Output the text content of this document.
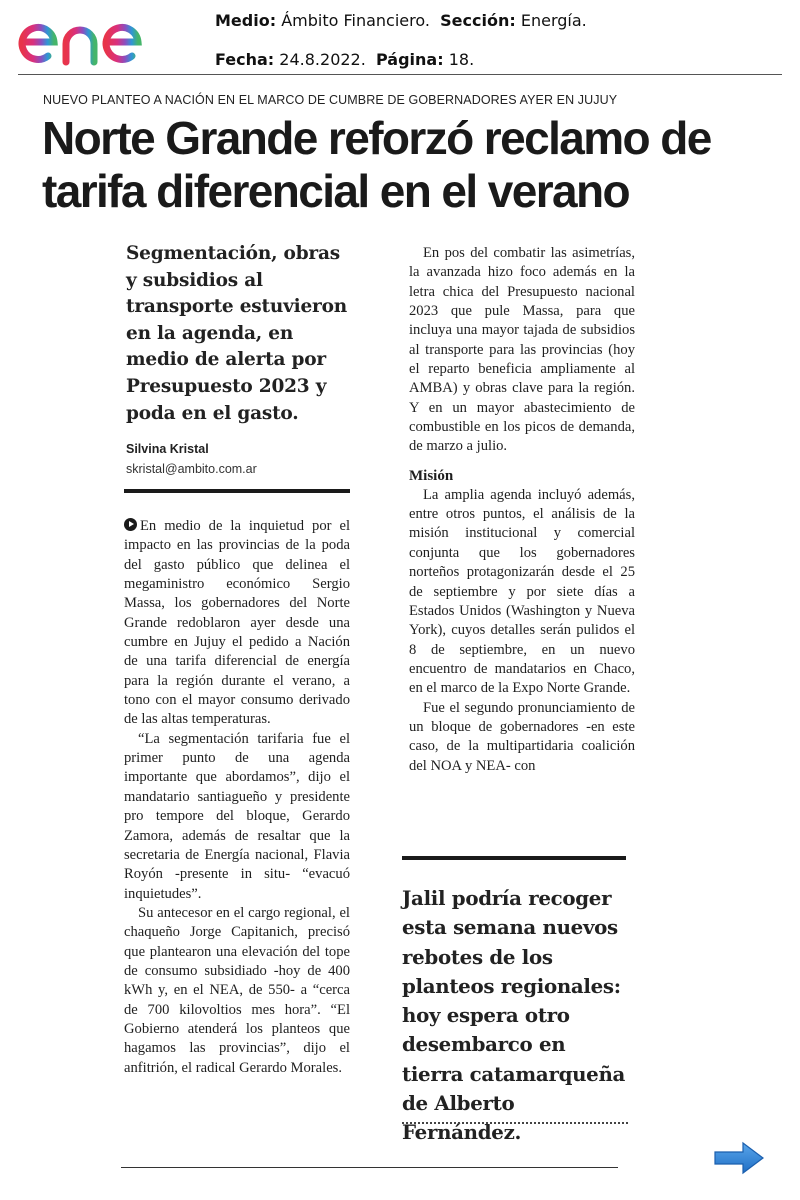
Medio: Ámbito Financiero. Sección: Energía.
Fecha: 24.8.2022. Página: 18.
NUEVO PLANTEO A NACIÓN EN EL MARCO DE CUMBRE DE GOBERNADORES AYER EN JUJUY
Norte Grande reforzó reclamo de tarifa diferencial en el verano
Segmentación, obras y subsidios al transporte estuvieron en la agenda, en medio de alerta por Presupuesto 2023 y poda en el gasto.
Silvina Kristal
skristal@ambito.com.ar

En medio de la inquietud por el impacto en las provincias de la poda del gasto público que delinea el megaministro económico Sergio Massa, los gobernadores del Norte Grande redoblaron ayer desde una cumbre en Jujuy el pedido a Nación de una tarifa diferencial de energía para la región durante el verano, a tono con el mayor consumo derivado de las altas temperaturas.

“La segmentación tarifaria fue el primer punto de una agenda importante que abordamos”, dijo el mandatario santiagueño y presidente pro tempore del bloque, Gerardo Zamora, además de resaltar que la secretaria de Energía nacional, Flavia Royón -presente in situ- “evacuó inquietudes”.

Su antecesor en el cargo regional, el chaqueño Jorge Capitanich, precisó que plantearon una elevación del tope de consumo subsidiado -hoy de 400 kWh y, en el NEA, de 550- a “cerca de 700 kilovoltios mes hora”. “El Gobierno atenderá los planteos que hagamos las provincias”, dijo el anfitrión, el radical Gerardo Morales.

En pos del combatir las asimetrías, la avanzada hizo foco además en la letra chica del Presupuesto nacional 2023 que pule Massa, para que incluya una mayor tajada de subsidios al transporte para las provincias (hoy el reparto beneficia ampliamente al AMBA) y obras clave para la región. Y en un mayor abastecimiento de combustible en los picos de demanda, de marzo a julio.

Misión

La amplia agenda incluyó además, entre otros puntos, el análisis de la misión institucional y comercial conjunta que los gobernadores norteños protagonizarán desde el 25 de septiembre y por siete días a Estados Unidos (Washington y Nueva York), cuyos detalles serán pulidos el 8 de septiembre, en un nuevo encuentro de mandatarios en Chaco, en el marco de la Expo Norte Grande.

Fue el segundo pronunciamiento de un bloque de gobernadores -en este caso, de la multipartidaria coalición del NOA y NEA- con

Jalil podría recoger esta semana nuevos rebotes de los planteos regionales: hoy espera otro desembarco en tierra catamarqueña de Alberto Fernández.
